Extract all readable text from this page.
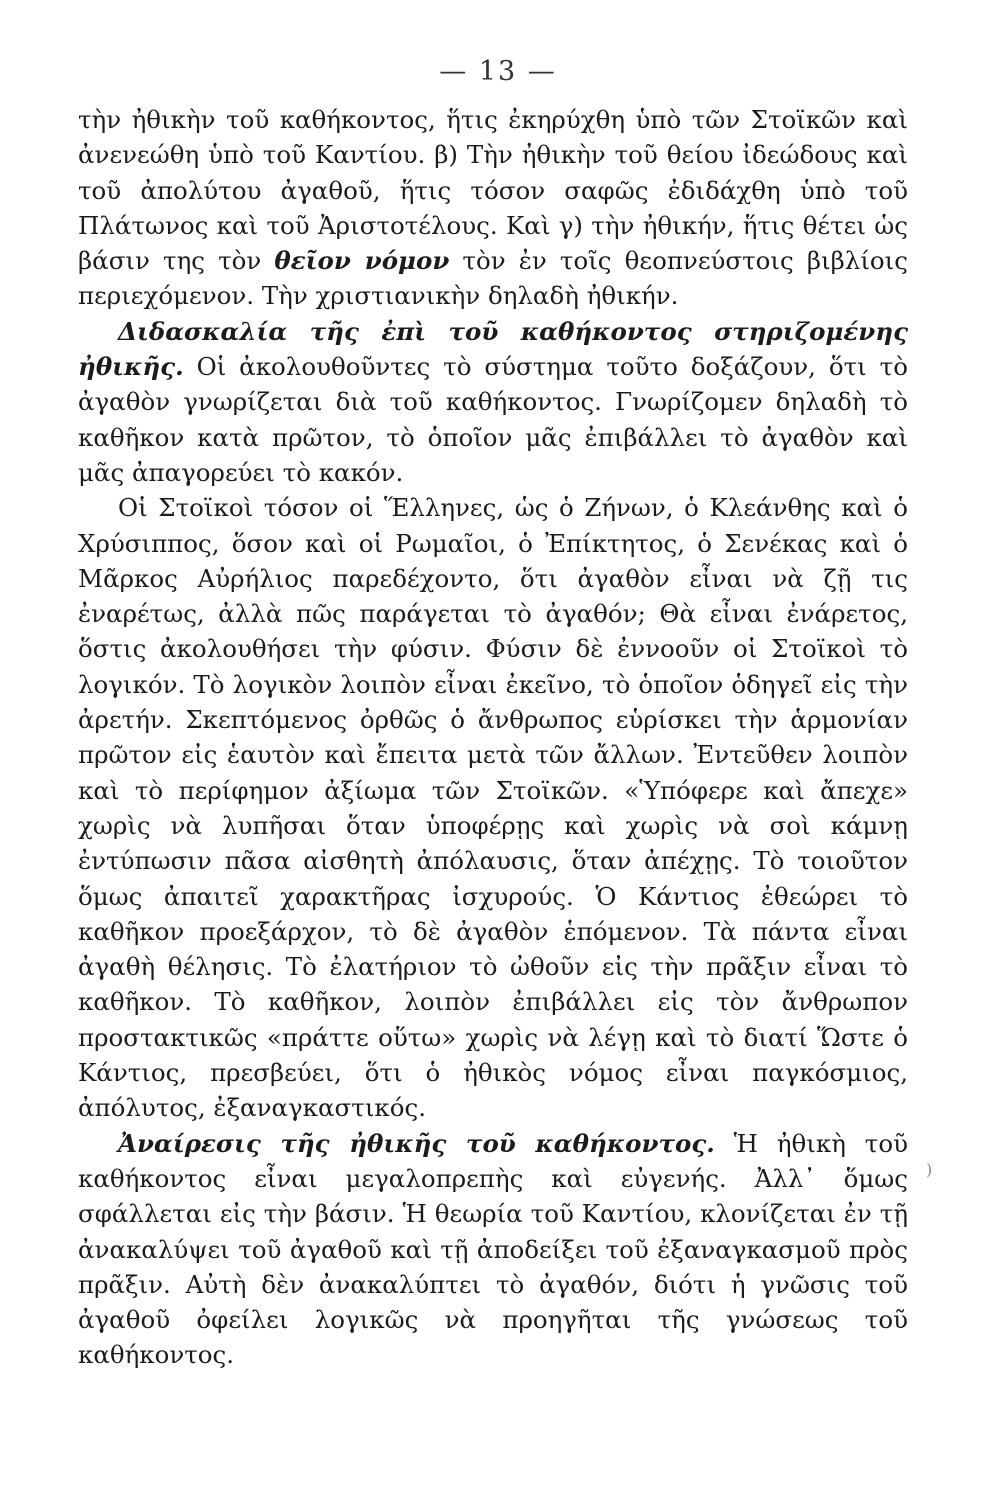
— 13 —

τὴν ἠθικὴν τοῦ καθήκοντος, ἥτις ἐκηρύχθη ὑπὸ τῶν Στοϊκῶν καὶ ἀνενεώθη ὑπὸ τοῦ Καντίου. β) Τὴν ἠθικὴν τοῦ θείου ἰδεώδους καὶ τοῦ ἀπολύτου ἀγαθοῦ, ἥτις τόσον σαφῶς ἐδιδάχθη ὑπὸ τοῦ Πλάτωνος καὶ τοῦ Ἀριστοτέλους. Καὶ γ) τὴν ἠθικήν, ἥτις θέτει ὡς βάσιν της τὸν θεῖον νόμον τὸν ἐν τοῖς θεοπνεύστοις βιβλίοις περιεχόμενον. Τὴν χριστιανικὴν δηλαδὴ ἠθικήν.

Διδασκαλία τῆς ἐπὶ τοῦ καθήκοντος στηριζομένης ἠθικῆς. Οἱ ἀκολουθοῦντες τὸ σύστημα τοῦτο δοξάζουν, ὅτι τὸ ἀγαθὸν γνωρίζεται διὰ τοῦ καθήκοντος. Γνωρίζομεν δηλαδὴ τὸ καθῆκον κατὰ πρῶτον, τὸ ὁποῖον μᾶς ἐπιβάλλει τὸ ἀγαθὸν καὶ μᾶς ἀπαγορεύει τὸ κακόν.

Οἱ Στοϊκοὶ τόσον οἱ Ἕλληνες, ὡς ὁ Ζήνων, ὁ Κλεάνθης καὶ ὁ Χρύσιππος, ὅσον καὶ οἱ Ρωμαῖοι, ὁ Ἐπίκτητος, ὁ Σενέκας καὶ ὁ Μᾶρκος Αὐρήλιος παρεδέχοντο, ὅτι ἀγαθὸν εἶναι νὰ ζῇ τις ἐναρέτως, ἀλλὰ πῶς παράγεται τὸ ἀγαθόν; Θὰ εἶναι ἐνάρετος, ὅστις ἀκολουθήσει τὴν φύσιν. Φύσιν δὲ ἐννοοῦν οἱ Στοϊκοὶ τὸ λογικόν. Τὸ λογικὸν λοιπὸν εἶναι ἐκεῖνο, τὸ ὁποῖον ὁδηγεῖ εἰς τὴν ἀρετήν. Σκεπτόμενος ὀρθῶς ὁ ἄνθρωπος εὑρίσκει τὴν ἁρμονίαν πρῶτον εἰς ἑαυτὸν καὶ ἔπειτα μετὰ τῶν ἄλλων. Ἐντεῦθεν λοιπὸν καὶ τὸ περίφημον ἀξίωμα τῶν Στοϊκῶν. «Ὑπόφερε καὶ ἄπεχε» χωρὶς νὰ λυπῆσαι ὅταν ὑποφέρῃς καὶ χωρὶς νὰ σοὶ κάμνῃ ἐντύπωσιν πᾶσα αἰσθητὴ ἀπόλαυσις, ὅταν ἀπέχῃς. Τὸ τοιοῦτον ὅμως ἀπαιτεῖ χαρακτῆρας ἰσχυρούς. Ὁ Κάντιος ἐθεώρει τὸ καθῆκον προεξάρχον, τὸ δὲ ἀγαθὸν ἑπόμενον. Τὰ πάντα εἶναι ἀγαθὴ θέλησις. Τὸ ἐλατήριον τὸ ὠθοῦν εἰς τὴν πρᾶξιν εἶναι τὸ καθῆκον. Τὸ καθῆκον, λοιπὸν ἐπιβάλλει εἰς τὸν ἄνθρωπον προστακτικῶς «πράττε οὕτω» χωρὶς νὰ λέγῃ καὶ τὸ διατί Ὥστε ὁ Κάντιος, πρεσβεύει, ὅτι ὁ ἠθικὸς νόμος εἶναι παγκόσμιος, ἀπόλυτος, ἐξαναγκαστικός.

Ἀναίρεσις τῆς ἠθικῆς τοῦ καθήκοντος. Ἡ ἠθικὴ τοῦ καθήκοντος εἶναι μεγαλοπρεπὴς καὶ εὐγενής. Ἀλλ᾽ ὅμως σφάλλεται εἰς τὴν βάσιν. Ἡ θεωρία τοῦ Καντίου, κλονίζεται ἐν τῇ ἀνακαλύψει τοῦ ἀγαθοῦ καὶ τῇ ἀποδείξει τοῦ ἐξαναγκασμοῦ πρὸς πρᾶξιν. Αὐτὴ δὲν ἀνακαλύπτει τὸ ἀγαθόν, διότι ἡ γνῶσις τοῦ ἀγαθοῦ ὀφείλει λογικῶς νὰ προηγῆται τῆς γνώσεως τοῦ καθήκοντος.

)
